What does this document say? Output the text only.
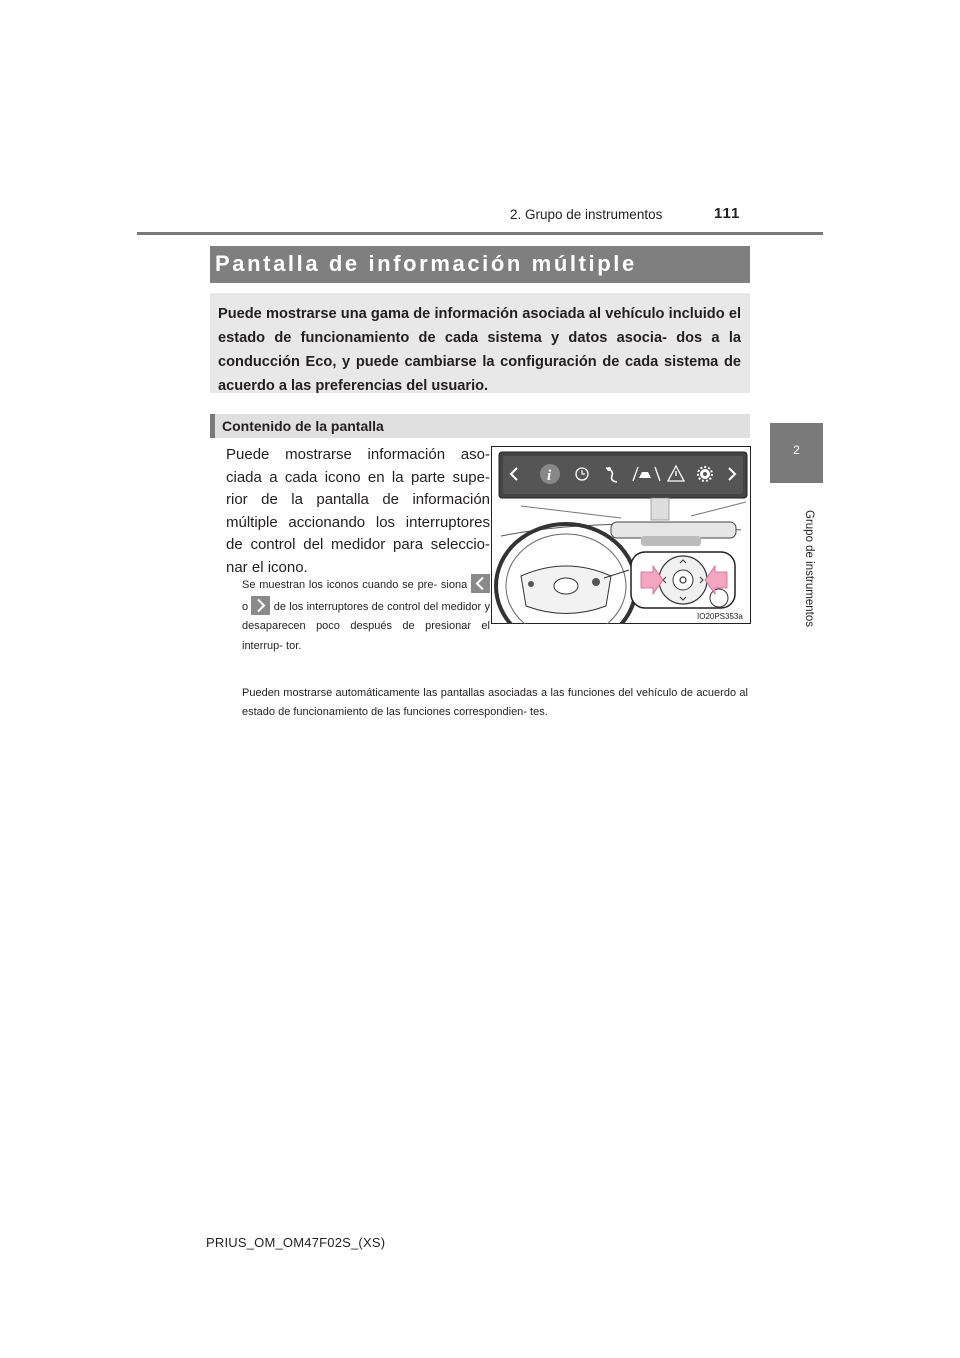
2. Grupo de instrumentos	111
2
Grupo de instrumentos
Pantalla de información múltiple
Puede mostrarse una gama de información asociada al vehículo incluido el estado de funcionamiento de cada sistema y datos asocia- dos a la conducción Eco, y puede cambiarse la configuración de cada sistema de acuerdo a las preferencias del usuario.
Contenido de la pantalla
Puede mostrarse información aso- ciada a cada icono en la parte supe- rior de la pantalla de información múltiple accionando los interruptores de control del medidor para seleccio- nar el icono.
Se muestran los iconos cuando se pre- siona
o de los interruptores de control del medidor y desaparecen poco después de presionar el interrup- tor.
Pueden mostrarse automáticamente las pantallas asociadas a las funciones del vehículo de acuerdo al estado de funcionamiento de las funciones correspondien- tes.
i
IO20PS353a
PRIUS_OM_OM47F02S_(XS)
